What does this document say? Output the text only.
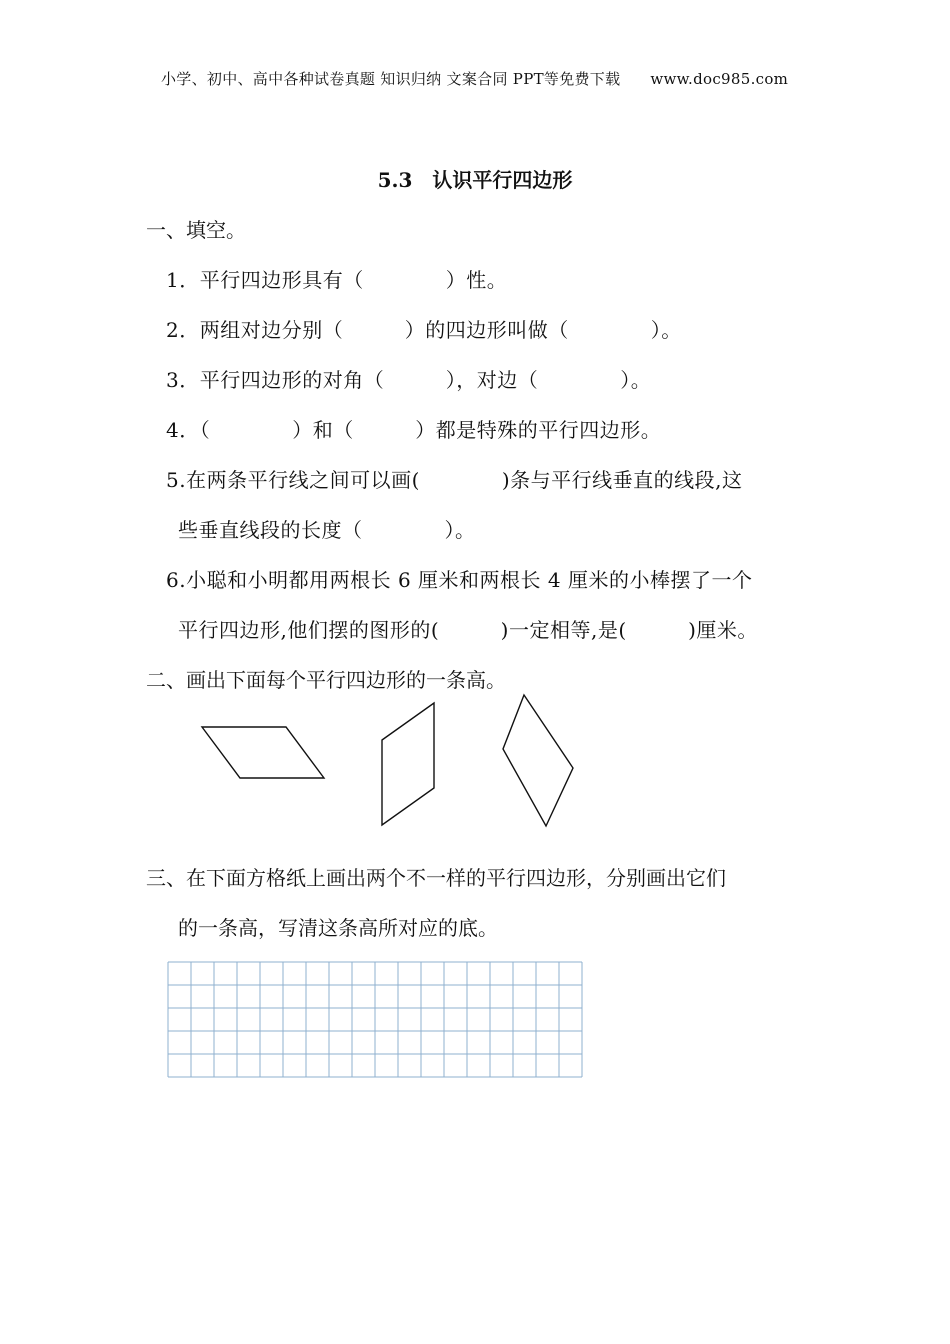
小学、初中、高中各种试卷真题 知识归纳 文案合同 PPT等免费下载 www.doc985.com
5.3　认识平行四边形
一、填空。
1．平行四边形具有（　　　　）性。
2．两组对边分别（　　　）的四边形叫做（　　　　）。
3．平行四边形的对角（　　　），对边（　　　　）。
4．（　　　　）和（　　　）都是特殊的平行四边形。
5.在两条平行线之间可以画(　　　　)条与平行线垂直的线段,这
些垂直线段的长度（　　　　）。
6.小聪和小明都用两根长 6 厘米和两根长 4 厘米的小棒摆了一个
平行四边形,他们摆的图形的(　　　)一定相等,是(　　　)厘米。
二、画出下面每个平行四边形的一条高。
三、在下面方格纸上画出两个不一样的平行四边形，分别画出它们
的一条高，写清这条高所对应的底。
